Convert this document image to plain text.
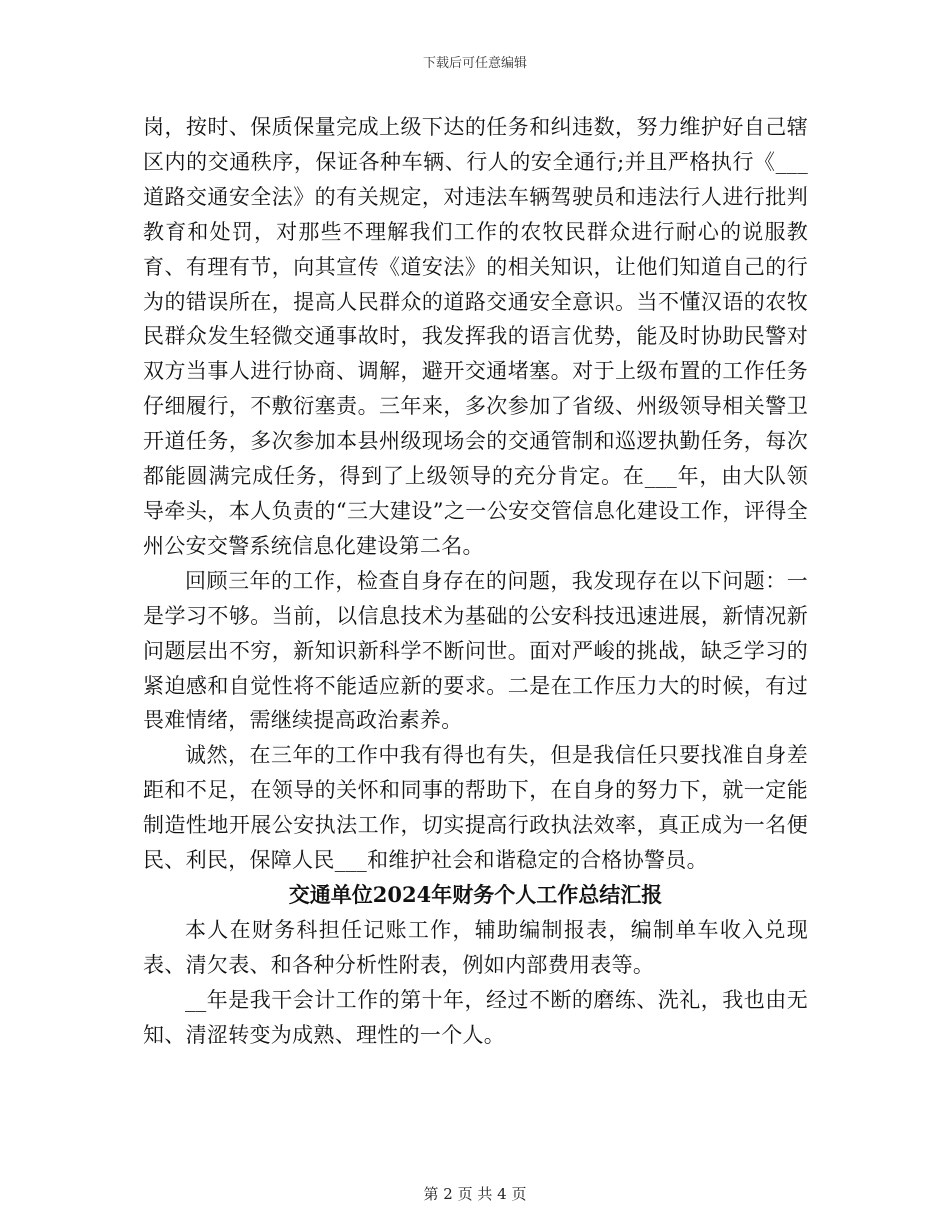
下载后可任意编辑

岗，按时、保质保量完成上级下达的任务和纠违数，努力维护好自己辖区内的交通秩序，保证各种车辆、行人的安全通行;并且严格执行《___道路交通安全法》的有关规定，对违法车辆驾驶员和违法行人进行批判教育和处罚，对那些不理解我们工作的农牧民群众进行耐心的说服教育、有理有节，向其宣传《道安法》的相关知识，让他们知道自己的行为的错误所在，提高人民群众的道路交通安全意识。当不懂汉语的农牧民群众发生轻微交通事故时，我发挥我的语言优势，能及时协助民警对双方当事人进行协商、调解，避开交通堵塞。对于上级布置的工作任务仔细履行，不敷衍塞责。三年来，多次参加了省级、州级领导相关警卫开道任务，多次参加本县州级现场会的交通管制和巡逻执勤任务，每次都能圆满完成任务，得到了上级领导的充分肯定。在___年，由大队领导牵头，本人负责的“三大建设”之一公安交管信息化建设工作，评得全州公安交警系统信息化建设第二名。

回顾三年的工作，检查自身存在的问题，我发现存在以下问题：一是学习不够。当前，以信息技术为基础的公安科技迅速进展，新情况新问题层出不穷，新知识新科学不断问世。面对严峻的挑战，缺乏学习的紧迫感和自觉性将不能适应新的要求。二是在工作压力大的时候，有过畏难情绪，需继续提高政治素养。

诚然，在三年的工作中我有得也有失，但是我信任只要找准自身差距和不足，在领导的关怀和同事的帮助下，在自身的努力下，就一定能制造性地开展公安执法工作，切实提高行政执法效率，真正成为一名便民、利民，保障人民___和维护社会和谐稳定的合格协警员。

交通单位2024年财务个人工作总结汇报

本人在财务科担任记账工作，辅助编制报表，编制单车收入兑现表、清欠表、和各种分析性附表，例如内部费用表等。

__年是我干会计工作的第十年，经过不断的磨练、洗礼，我也由无知、清涩转变为成熟、理性的一个人。

第 2 页 共 4 页
